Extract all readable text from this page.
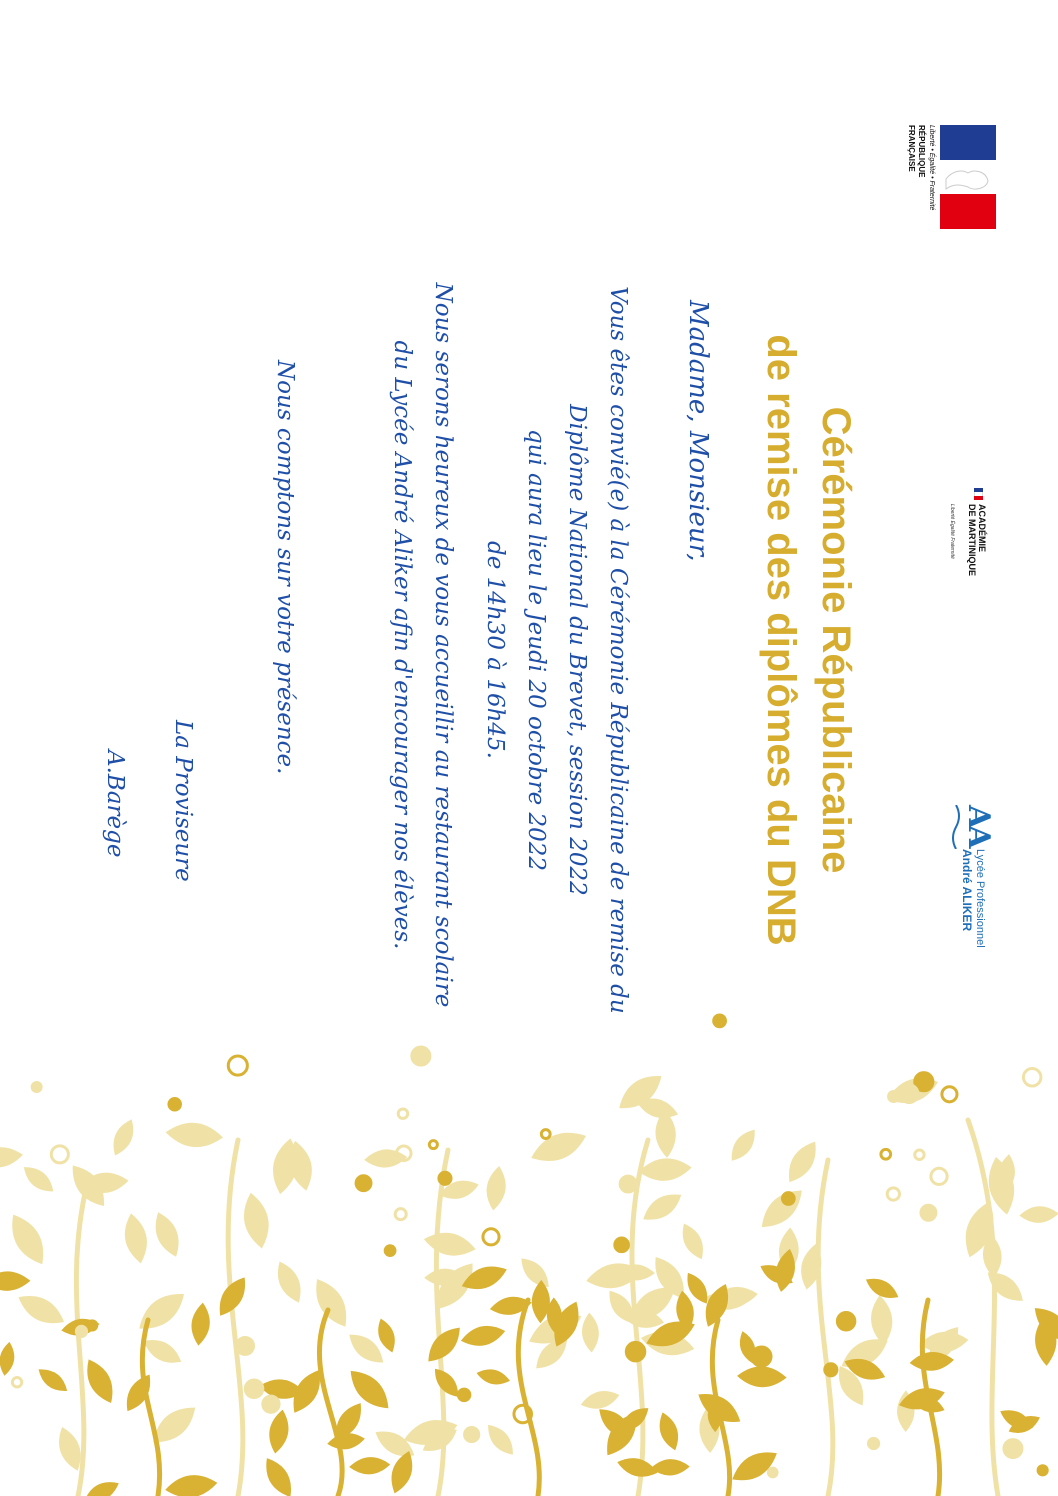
Liberté • Égalité • Fraternité
RÉPUBLIQUE
FRANÇAISE
ACADÉMIE
DE MARTINIQUE
Liberté Égalité Fraternité
AA
Lycée Professionnel
André ALIKER
Cérémonie Républicaine
de remise des diplômes du DNB
Madame, Monsieur,
Vous êtes convié(e) à la Cérémonie Républicaine de remise du
Diplôme National du Brevet, session 2022
qui aura lieu le Jeudi 20 octobre 2022
de 14h30 à 16h45.
Nous serons heureux de vous accueillir au restaurant scolaire
du Lycée André Aliker afin d'encourager nos élèves.
Nous comptons sur votre présence.
La Proviseure
A.Barège
